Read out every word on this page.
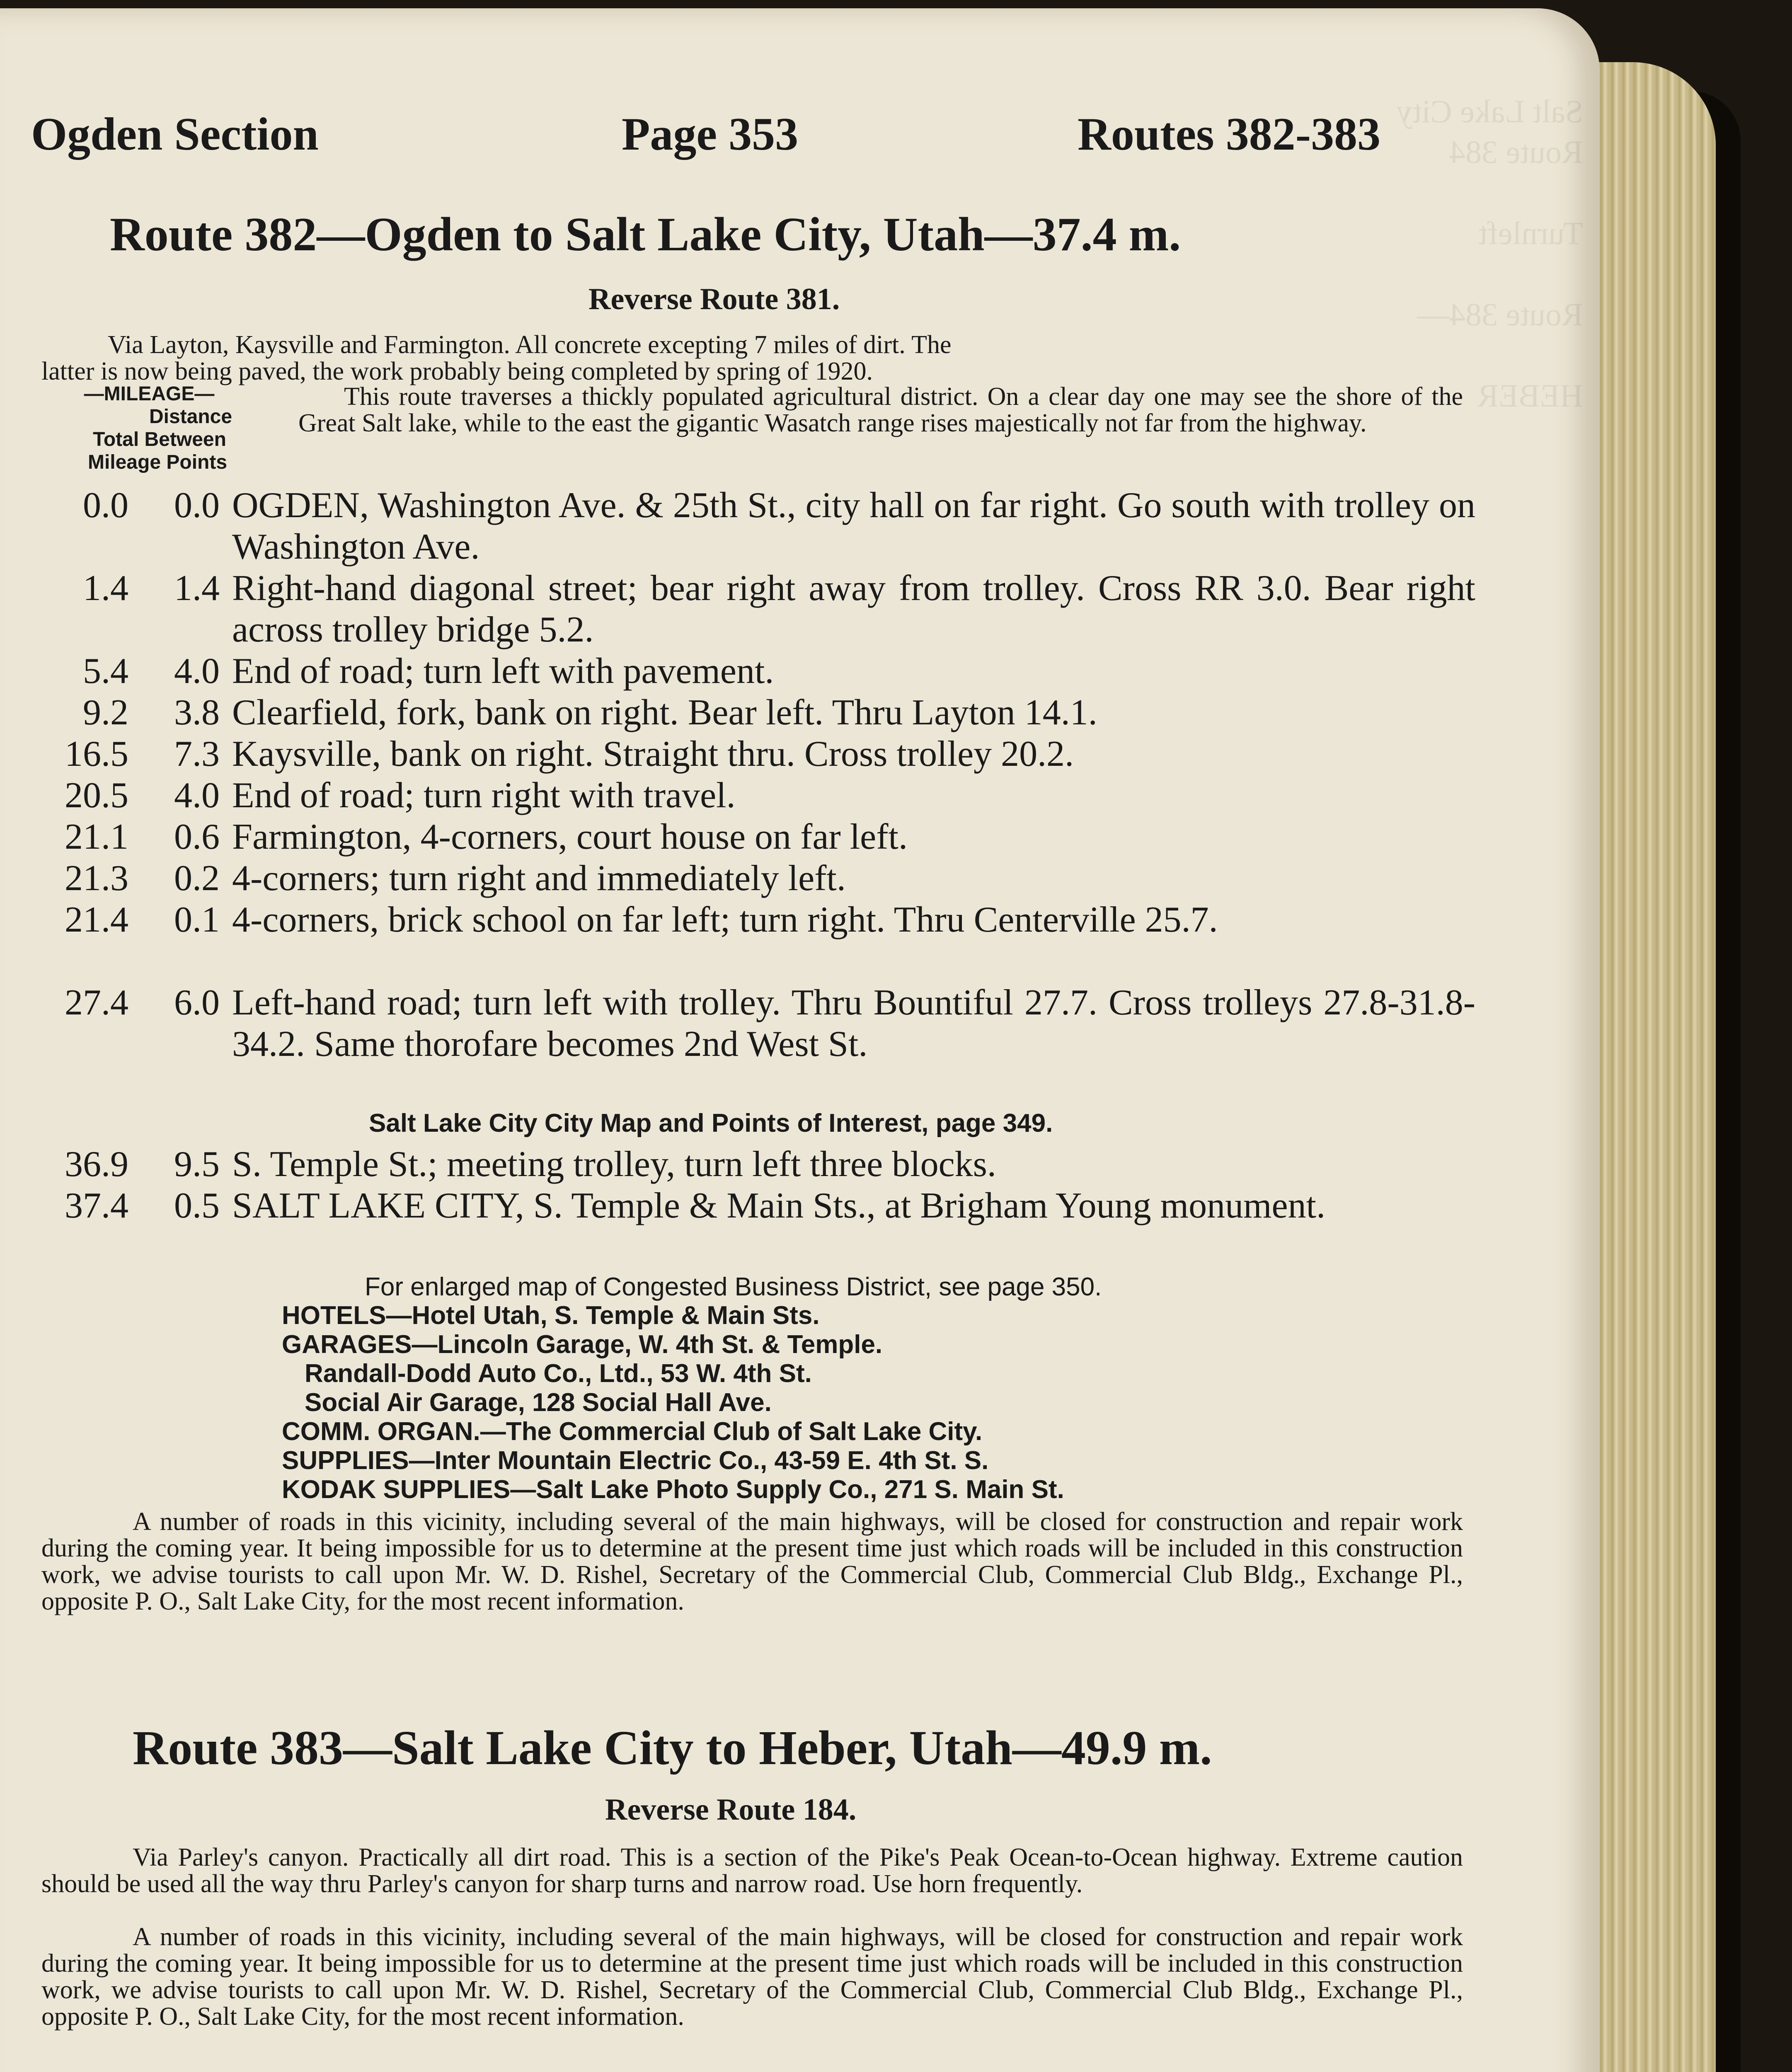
Salt Lake City
Route 384

Turnleft

Route 384—

HEBER

Ogden Section	Page 353	Routes 382-383
Route 382—Ogden to Salt Lake City, Utah—37.4 m.
Reverse Route 381.
Via Layton, Kaysville and Farmington. All concrete excepting 7 miles of dirt. The
latter is now being paved, the work probably being completed by spring of 1920.
—MILEAGE—
Distance
Total Between
Mileage Points

This route traverses a thickly populated agricultural district. On a clear day one may see the shore of the Great Salt lake, while to the east the gigantic Wasatch range rises majestically not far from the highway.

0.0	0.0 OGDEN, Washington Ave. & 25th St., city hall on far right. Go south with trolley on Washington Ave.
1.4	1.4 Right-hand diagonal street; bear right away from trolley. Cross RR 3.0. Bear right across trolley bridge 5.2.
5.4	4.0 End of road; turn left with pavement.
9.2	3.8 Clearfield, fork, bank on right. Bear left. Thru Layton 14.1.
16.5	7.3 Kaysville, bank on right. Straight thru. Cross trolley 20.2.
20.5	4.0 End of road; turn right with travel.
21.1	0.6 Farmington, 4-corners, court house on far left.
21.3	0.2 4-corners; turn right and immediately left.
21.4	0.1 4-corners, brick school on far left; turn right. Thru Centerville 25.7.
27.4	6.0 Left-hand road; turn left with trolley. Thru Bountiful 27.7. Cross trolleys 27.8-31.8-34.2. Same thorofare becomes 2nd West St.
Salt Lake City City Map and Points of Interest, page 349.
36.9	9.5 S. Temple St.; meeting trolley, turn left three blocks.
37.4	0.5 SALT LAKE CITY, S. Temple & Main Sts., at Brigham Young monument.
For enlarged map of Congested Business District, see page 350.
HOTELS—Hotel Utah, S. Temple & Main Sts.
GARAGES—Lincoln Garage, W. 4th St. & Temple.
Randall-Dodd Auto Co., Ltd., 53 W. 4th St.
Social Air Garage, 128 Social Hall Ave.
COMM. ORGAN.—The Commercial Club of Salt Lake City.
SUPPLIES—Inter Mountain Electric Co., 43-59 E. 4th St. S.
KODAK SUPPLIES—Salt Lake Photo Supply Co., 271 S. Main St.

A number of roads in this vicinity, including several of the main highways, will be closed for construction and repair work during the coming year. It being impossible for us to determine at the present time just which roads will be included in this construction work, we advise tourists to call upon Mr. W. D. Rishel, Secretary of the Commercial Club, Commercial Club Bldg., Exchange Pl., opposite P. O., Salt Lake City, for the most recent information.

Route 383—Salt Lake City to Heber, Utah—49.9 m.
Reverse Route 184.

Via Parley's canyon. Practically all dirt road. This is a section of the Pike's Peak Ocean-to-Ocean highway. Extreme caution should be used all the way thru Parley's canyon for sharp turns and narrow road. Use horn frequently.

A number of roads in this vicinity, including several of the main highways, will be closed for construction and repair work during the coming year. It being impossible for us to determine at the present time just which roads will be included in this construction work, we advise tourists to call upon Mr. W. D. Rishel, Secretary of the Commercial Club, Commercial Club Bldg., Exchange Pl., opposite P. O., Salt Lake City, for the most recent information.
